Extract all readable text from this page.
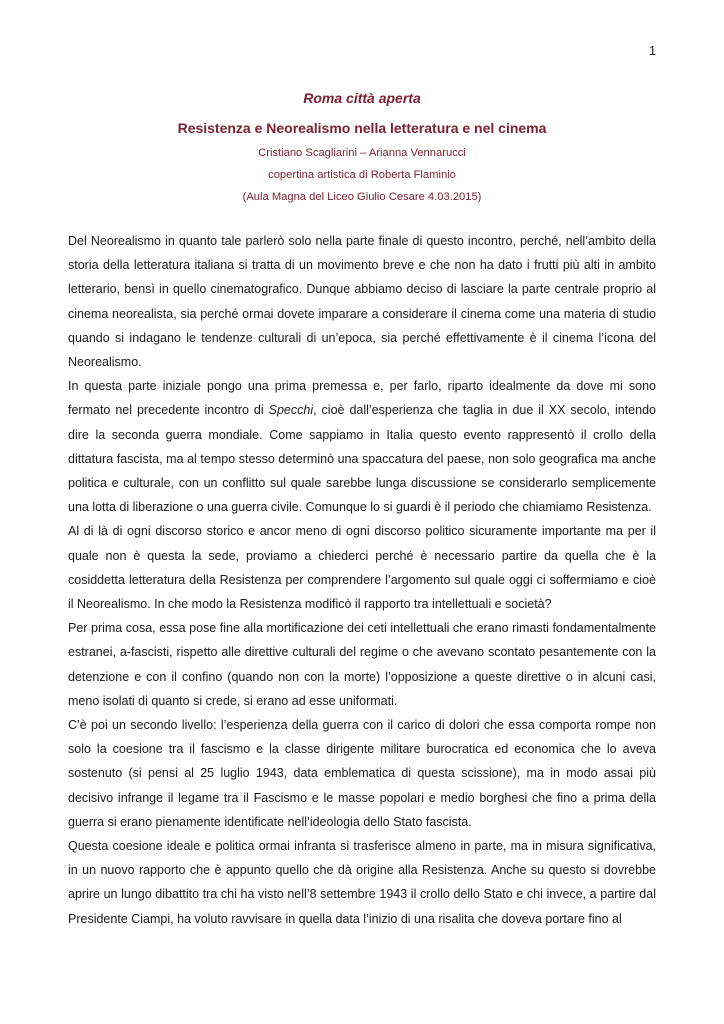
1
Roma città aperta
Resistenza e Neorealismo nella letteratura e nel cinema
Cristiano Scagliarini – Arianna Vennarucci
copertina artistica di Roberta Flaminio
(Aula Magna del Liceo Giulio Cesare 4.03.2015)

Del Neorealismo in quanto tale parlerò solo nella parte finale di questo incontro, perché, nell’ambito della storia della letteratura italiana si tratta di un movimento breve e che non ha dato i frutti più alti in ambito letterario, bensì in quello cinematografico. Dunque abbiamo deciso di lasciare la parte centrale proprio al cinema neorealista, sia perché ormai dovete imparare a considerare il cinema come una materia di studio quando si indagano le tendenze culturali di un’epoca, sia perché effettivamente è il cinema l’icona del Neorealismo.

In questa parte iniziale pongo una prima premessa e, per farlo, riparto idealmente da dove mi sono fermato nel precedente incontro di Specchi, cioè dall’esperienza che taglia in due il XX secolo, intendo dire la seconda guerra mondiale. Come sappiamo in Italia questo evento rappresentò il crollo della dittatura fascista, ma al tempo stesso determinò una spaccatura del paese, non solo geografica ma anche politica e culturale, con un conflitto sul quale sarebbe lunga discussione se considerarlo semplicemente una lotta di liberazione o una guerra civile. Comunque lo si guardi è il periodo che chiamiamo Resistenza.

Al di là di ogni discorso storico e ancor meno di ogni discorso politico sicuramente importante ma per il quale non è questa la sede, proviamo a chiederci perché è necessario partire da quella che è la cosiddetta letteratura della Resistenza per comprendere l’argomento sul quale oggi ci soffermiamo e cioè il Neorealismo. In che modo la Resistenza modificò il rapporto tra intellettuali e società?

Per prima cosa, essa pose fine alla mortificazione dei ceti intellettuali che erano rimasti fondamentalmente estranei, a-fascisti, rispetto alle direttive culturali del regime o che avevano scontato pesantemente con la detenzione e con il confino (quando non con la morte) l’opposizione a queste direttive o in alcuni casi, meno isolati di quanto si crede, si erano ad esse uniformati.

C’è poi un secondo livello: l’esperienza della guerra con il carico di dolori che essa comporta rompe non solo la coesione tra il fascismo e la classe dirigente militare burocratica ed economica che lo aveva sostenuto (si pensi al 25 luglio 1943, data emblematica di questa scissione), ma in modo assai più decisivo infrange il legame tra il Fascismo e le masse popolari e medio borghesi che fino a prima della guerra si erano pienamente identificate nell’ideologia dello Stato fascista.

Questa coesione ideale e politica ormai infranta si trasferisce almeno in parte, ma in misura significativa, in un nuovo rapporto che è appunto quello che dà origine alla Resistenza. Anche su questo si dovrebbe aprire un lungo dibattito tra chi ha visto nell’8 settembre 1943 il crollo dello Stato e chi invece, a partire dal Presidente Ciampi, ha voluto ravvisare in quella data l’inizio di una risalita che doveva portare fino al
